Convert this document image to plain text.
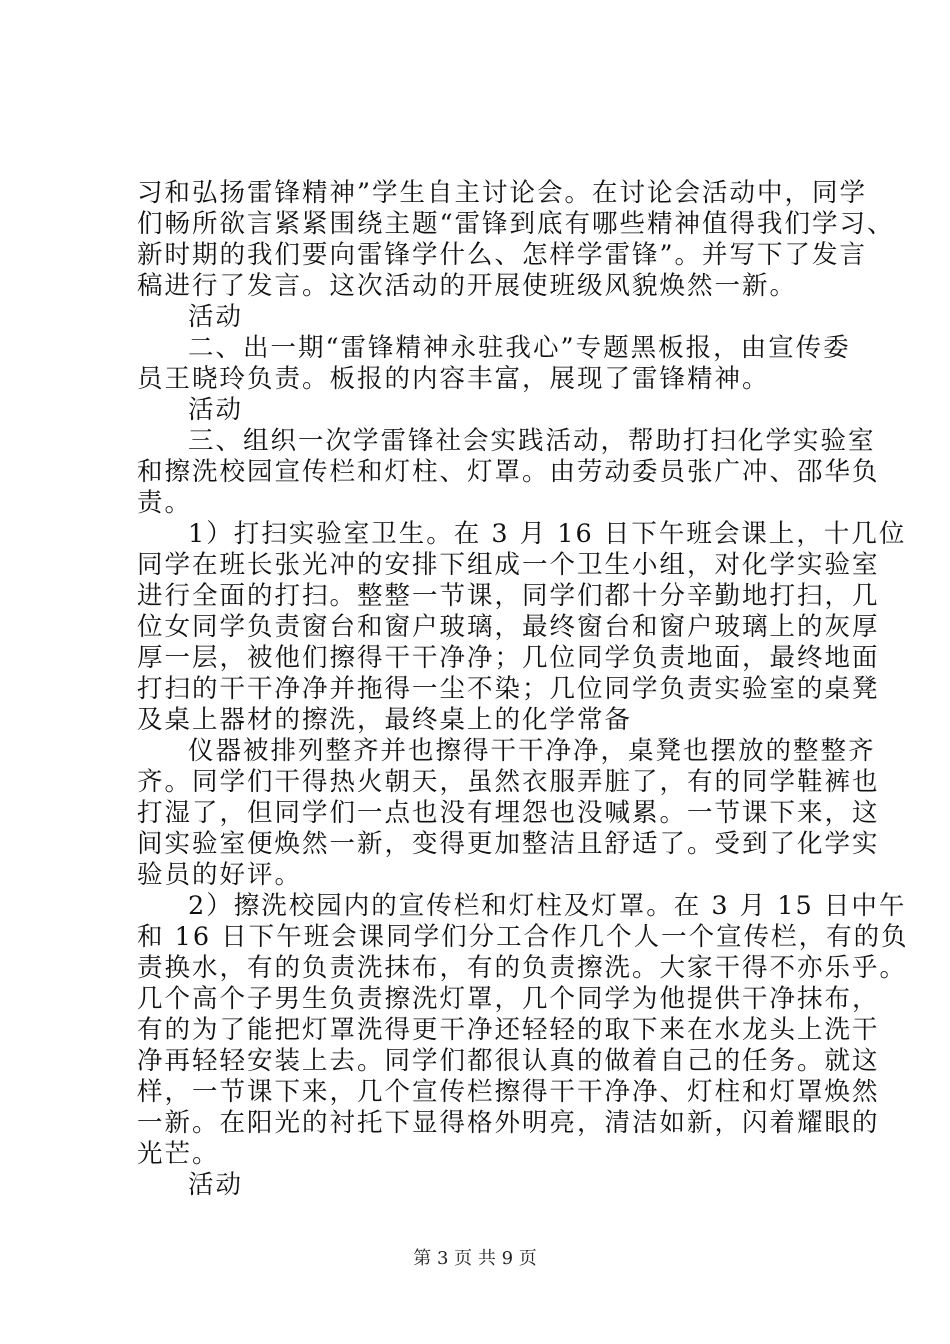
习和弘扬雷锋精神”学生自主讨论会。在讨论会活动中，同学
们畅所欲言紧紧围绕主题“雷锋到底有哪些精神值得我们学习、
新时期的我们要向雷锋学什么、怎样学雷锋”。并写下了发言
稿进行了发言。这次活动的开展使班级风貌焕然一新。
活动
二、出一期“雷锋精神永驻我心”专题黑板报，由宣传委
员王晓玲负责。板报的内容丰富，展现了雷锋精神。
活动
三、组织一次学雷锋社会实践活动，帮助打扫化学实验室
和擦洗校园宣传栏和灯柱、灯罩。由劳动委员张广冲、邵华负
责。
1）打扫实验室卫生。在 3 月 16 日下午班会课上，十几位
同学在班长张光冲的安排下组成一个卫生小组，对化学实验室
进行全面的打扫。整整一节课，同学们都十分辛勤地打扫，几
位女同学负责窗台和窗户玻璃，最终窗台和窗户玻璃上的灰厚
厚一层，被他们擦得干干净净；几位同学负责地面，最终地面
打扫的干干净净并拖得一尘不染；几位同学负责实验室的桌凳
及桌上器材的擦洗，最终桌上的化学常备
仪器被排列整齐并也擦得干干净净，桌凳也摆放的整整齐
齐。同学们干得热火朝天，虽然衣服弄脏了，有的同学鞋裤也
打湿了，但同学们一点也没有埋怨也没喊累。一节课下来，这
间实验室便焕然一新，变得更加整洁且舒适了。受到了化学实
验员的好评。
2）擦洗校园内的宣传栏和灯柱及灯罩。在 3 月 15 日中午
和 16 日下午班会课同学们分工合作几个人一个宣传栏，有的负
责换水，有的负责洗抹布，有的负责擦洗。大家干得不亦乐乎。
几个高个子男生负责擦洗灯罩，几个同学为他提供干净抹布，
有的为了能把灯罩洗得更干净还轻轻的取下来在水龙头上洗干
净再轻轻安装上去。同学们都很认真的做着自己的任务。就这
样，一节课下来，几个宣传栏擦得干干净净、灯柱和灯罩焕然
一新。在阳光的衬托下显得格外明亮，清洁如新，闪着耀眼的
光芒。
活动
第 3 页 共 9 页
